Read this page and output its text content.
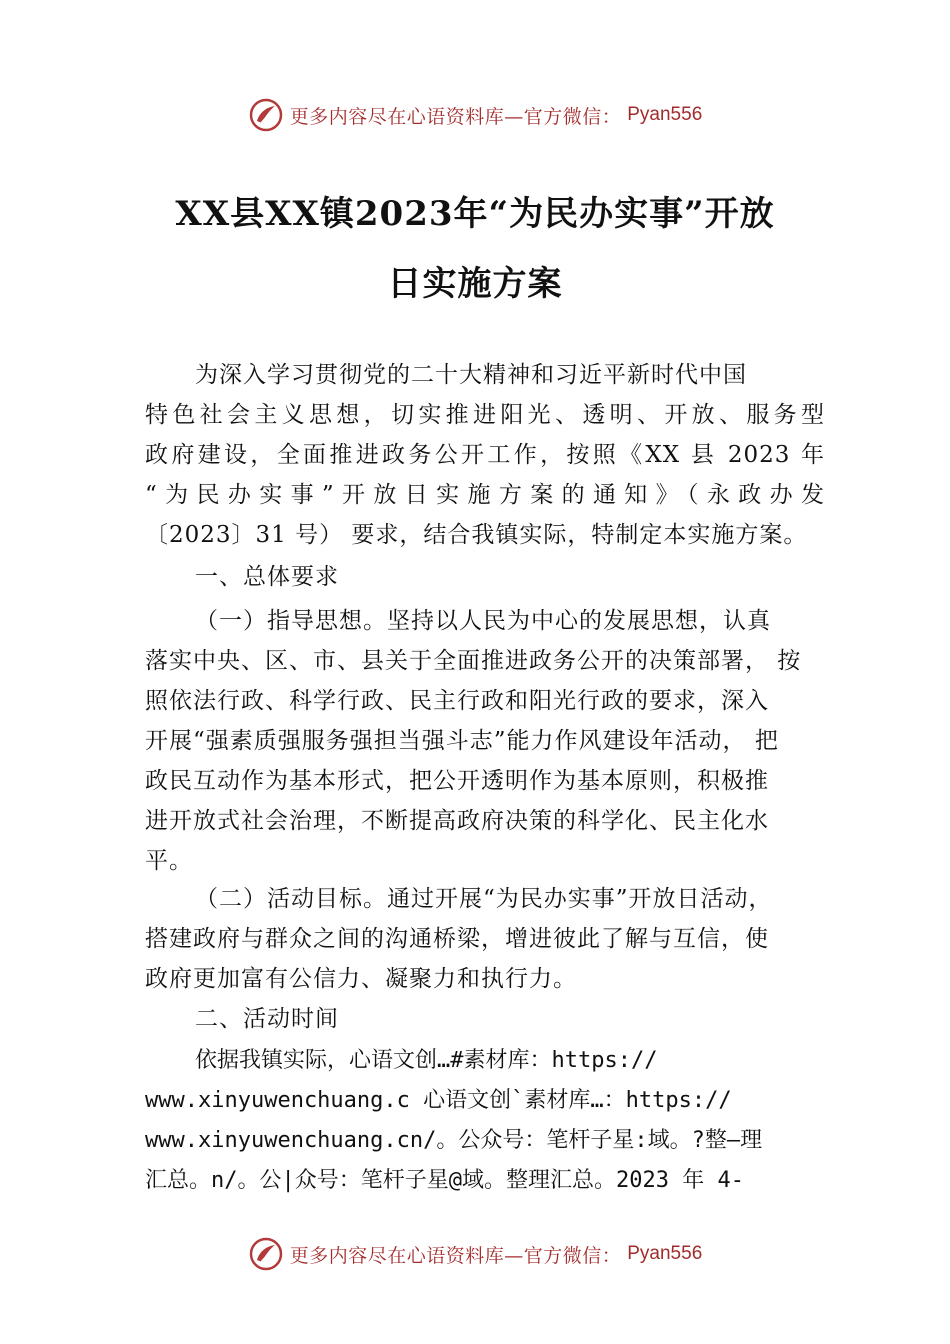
更多内容尽在心语资料库—官方微信： Pyan556
XX县XX镇2023年“为民办实事”开放
日实施方案
为深入学习贯彻党的二十大精神和习近平新时代中国
特色社会主义思想，切实推进阳光、透明、开放、服务型
政府建设，全面推进政务公开工作，按照《XX 县 2023 年
“为民办实事”开放日实施方案的通知》（永政办发
〔2023〕31 号） 要求，结合我镇实际，特制定本实施方案。
一、总体要求
（一）指导思想。坚持以人民为中心的发展思想，认真
落实中央、区、市、县关于全面推进政务公开的决策部署， 按
照依法行政、科学行政、民主行政和阳光行政的要求，深入
开展“强素质强服务强担当强斗志”能力作风建设年活动， 把
政民互动作为基本形式，把公开透明作为基本原则，积极推
进开放式社会治理，不断提高政府决策的科学化、民主化水
平。
（二）活动目标。通过开展“为民办实事”开放日活动，
搭建政府与群众之间的沟通桥梁，增进彼此了解与互信，使
政府更加富有公信力、凝聚力和执行力。
二、活动时间
依据我镇实际，心语文创…#素材库：https://
www.xinyuwenchuang.c 心语文创`素材库…：https://
www.xinyuwenchuang.cn/。公众号：笔杆子星:域。?整—理
汇总。n/。公|众号：笔杆子星@域。整理汇总。2023 年 4-
更多内容尽在心语资料库—官方微信： Pyan556
